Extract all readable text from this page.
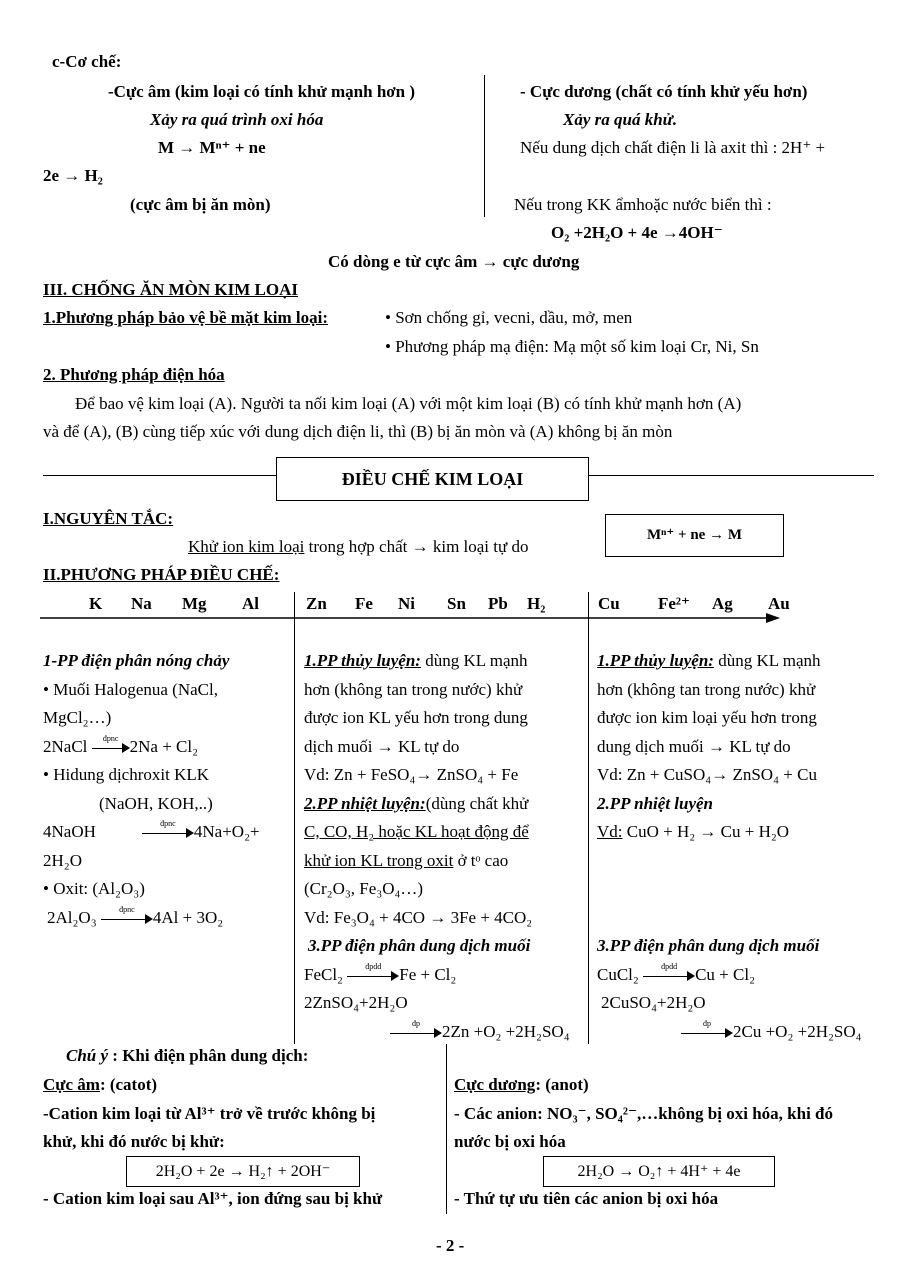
c-Cơ chế:
-Cực âm (kim loại có tính khử mạnh hơn )
Xảy ra quá trình oxi hóa
M → Mⁿ⁺ + ne
2e → H₂
(cực âm bị ăn mòn)
- Cực dương (chất có tính khử yếu hơn)
Xảy ra quá khử.
Nếu dung dịch chất điện li là axit thì : 2H⁺ +
Nếu trong KK ẩmhoặc nước biển thì :
O₂ +2H₂O + 4e →4OH⁻
Có dòng e từ cực âm → cực dương
III. CHỐNG ĂN MÒN KIM LOẠI
1.Phương pháp bảo vệ bề mặt kim loại:	• Sơn chống gỉ, vecni, dầu, mở, men
• Phương pháp mạ điện: Mạ một số kim loại Cr, Ni, Sn
2. Phương pháp điện hóa
Để bao vệ kim loại (A). Người ta nối kim loại (A) với một kim loại (B) có tính khử mạnh hơn (A)
và để (A), (B) cùng tiếp xúc với dung dịch điện li, thì (B) bị ăn mòn và (A) không bị ăn mòn
ĐIỀU CHẾ KIM LOẠI
I.NGUYÊN TẮC:
Khử ion kim loại trong hợp chất → kim loại tự do
Mⁿ⁺ + ne → M
II.PHƯƠNG PHÁP ĐIỀU CHẾ:
K Na Mg Al	Zn Fe Ni Sn Pb H₂	Cu Fe²⁺ Ag Au
1-PP điện phân nóng chảy
• Muối Halogenua (NaCl,
MgCl₂…)
2NaCl	đpnc 2Na + Cl₂
• Hidung dịchroxit KLK
(NaOH, KOH,..)
4NaOH	đpnc	4Na+O₂+
2H₂O
• Oxit: (Al₂O₃)
2Al₂O₃	đpnc	4Al + 3O₂
1.PP thủy luyện: dùng KL mạnh
hơn (không tan trong nước) khử
được ion KL yếu hơn trong dung
dịch muối → KL tự do
Vd: Zn + FeSO₄→ ZnSO₄ + Fe
2.PP nhiệt luyện:(dùng chất khử
C, CO, H₂ hoặc KL hoạt động để
khử ion KL trong oxit ở tᵒ cao
(Cr₂O₃, Fe₃O₄…)
Vd: Fe₃O₄ + 4CO → 3Fe + 4CO₂
3.PP điện phân dung dịch muối
FeCl₂	đpdd	Fe + Cl₂
2ZnSO₄+2H₂O
đp	2Zn +O₂ +2H₂SO₄
1.PP thủy luyện: dùng KL mạnh
hơn (không tan trong nước) khử
được ion kim loại yếu hơn trong
dung dịch muối → KL tự do
Vd: Zn + CuSO₄→ ZnSO₄ + Cu
2.PP nhiệt luyện
Vd: CuO + H₂ → Cu + H₂O

3.PP điện phân dung dịch muối
CuCl₂	đpdd	Cu + Cl₂
2CuSO₄+2H₂O
đp	2Cu +O₂ +2H₂SO₄
Chú ý : Khi điện phân dung dịch:
Cực âm: (catot)
-Cation kim loại từ Al³⁺ trở về trước không bị
khử, khi đó nước bị khử:
2H₂O + 2e → H₂↑ + 2OH⁻
- Cation kim loại sau Al³⁺, ion đứng sau bị khử
Cực dương: (anot)
- Các anion: NO₃⁻, SO₄²⁻,…không bị oxi hóa, khi đó
nước bị oxi hóa
2H₂O → O₂↑ + 4H⁺ + 4e
- Thứ tự ưu tiên các anion bị oxi hóa
- 2 -
